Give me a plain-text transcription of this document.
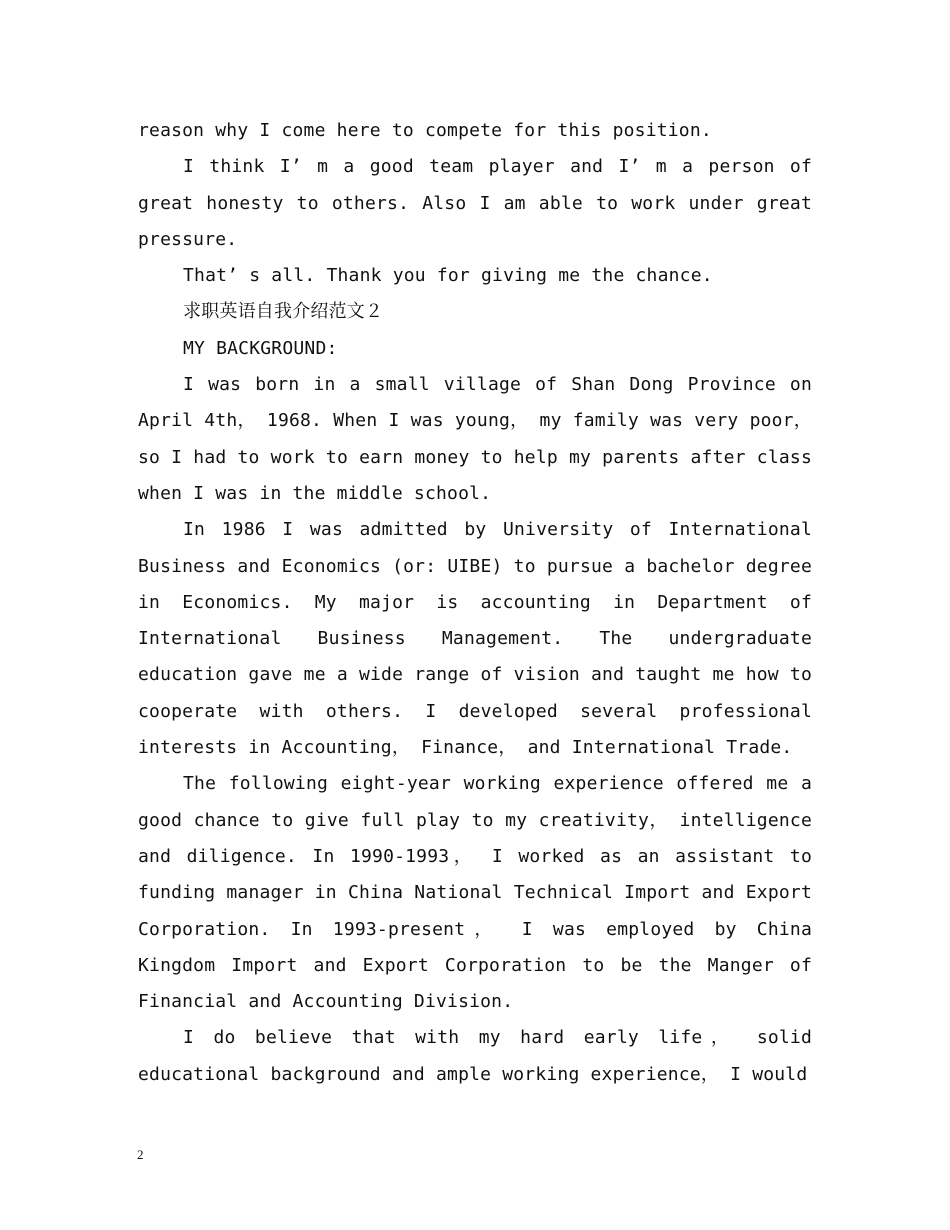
reason why I come here to compete for this position.

I think I’ m a good team player and I’ m a person of great honesty to others. Also I am able to work under great pressure.

That’ s all. Thank you for giving me the chance.

求职英语自我介绍范文２

MY BACKGROUND:

I was born in a small village of Shan Dong Province on April 4th， 1968. When I was young， my family was very poor， so I had to work to earn money to help my parents after class when I was in the middle school.

In 1986 I was admitted by University of International Business and Economics (or: UIBE) to pursue a bachelor degree in Economics. My major is accounting in Department of International Business Management. The undergraduate education gave me a wide range of vision and taught me how to cooperate with others. I developed several professional interests in Accounting， Finance， and International Trade.

The following eight-year working experience offered me a good chance to give full play to my creativity， intelligence and diligence. In 1990-1993， I worked as an assistant to funding manager in China National Technical Import and Export Corporation. In 1993-present， I was employed by China Kingdom Import and Export Corporation to be the Manger of Financial and Accounting Division.

I do believe that with my hard early life， solid educational background and ample working experience， I would

2
